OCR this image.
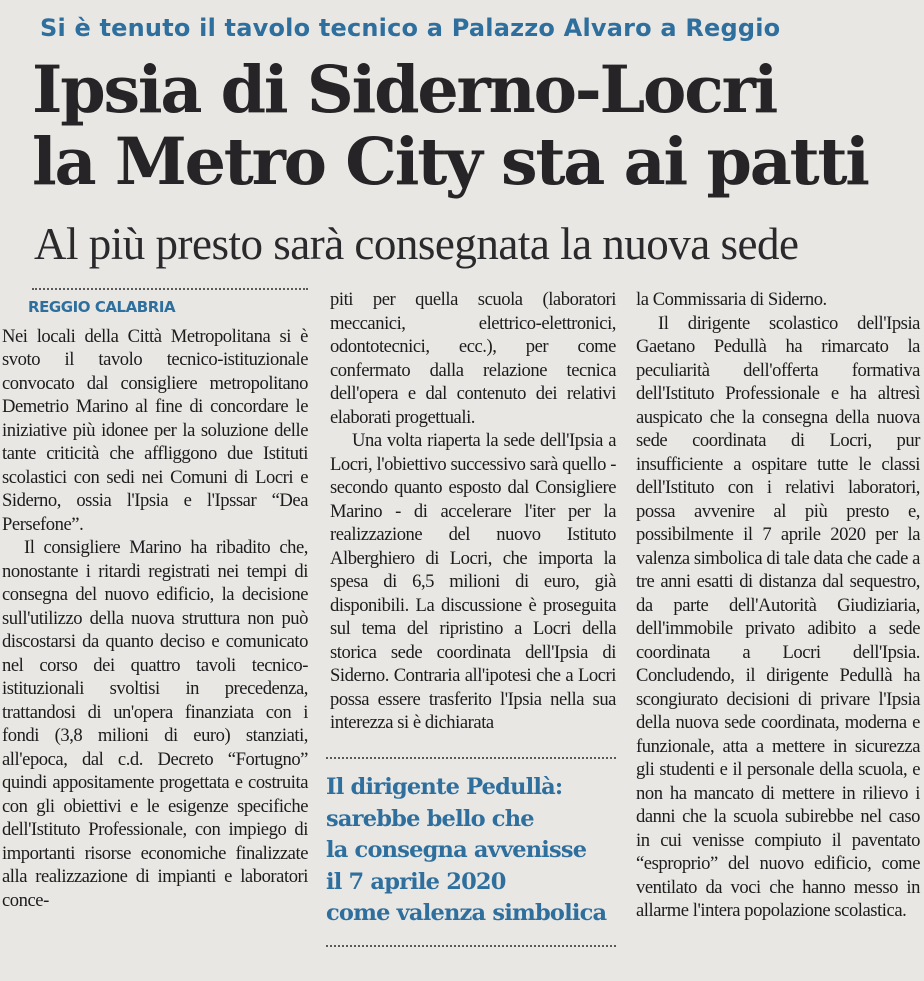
Si è tenuto il tavolo tecnico a Palazzo Alvaro a Reggio
Ipsia di Siderno-Locri
la Metro City sta ai patti
Al più presto sarà consegnata la nuova sede
REGGIO CALABRIA

Nei locali della Città Metropolitana si è svoto il tavolo tecnico-istituzionale convocato dal consigliere metropolitano Demetrio Marino al fine di concordare le iniziative più idonee per la soluzione delle tante criticità che affliggono due Istituti scolastici con sedi nei Comuni di Locri e Siderno, ossia l'Ipsia e l'Ipssar “Dea Persefone”.

Il consigliere Marino ha ribadito che, nonostante i ritardi registrati nei tempi di consegna del nuovo edificio, la decisione sull'utilizzo della nuova struttura non può discostarsi da quanto deciso e comunicato nel corso dei quattro tavoli tecnico-istituzionali svoltisi in precedenza, trattandosi di un'opera finanziata con i fondi (3,8 milioni di euro) stanziati, all'epoca, dal c.d. Decreto “Fortugno” quindi appositamente progettata e costruita con gli obiettivi e le esigenze specifiche dell'Istituto Professionale, con impiego di importanti risorse economiche finalizzate alla realizzazione di impianti e laboratori conce-

piti per quella scuola (laboratori meccanici, elettrico-elettronici, odontotecnici, ecc.), per come confermato dalla relazione tecnica dell'opera e dal contenuto dei relativi elaborati progettuali.

Una volta riaperta la sede dell'Ipsia a Locri, l'obiettivo successivo sarà quello - secondo quanto esposto dal Consigliere Marino - di accelerare l'iter per la realizzazione del nuovo Istituto Alberghiero di Locri, che importa la spesa di 6,5 milioni di euro, già disponibili. La discussione è proseguita sul tema del ripristino a Locri della storica sede coordinata dell'Ipsia di Siderno. Contraria all'ipotesi che a Locri possa essere trasferito l'Ipsia nella sua interezza si è dichiarata

Il dirigente Pedullà:
sarebbe bello che
la consegna avvenisse
il 7 aprile 2020
come valenza simbolica

la Commissaria di Siderno.

Il dirigente scolastico dell'Ipsia Gaetano Pedullà ha rimarcato la peculiarità dell'offerta formativa dell'Istituto Professionale e ha altresì auspicato che la consegna della nuova sede coordinata di Locri, pur insufficiente a ospitare tutte le classi dell'Istituto con i relativi laboratori, possa avvenire al più presto e, possibilmente il 7 aprile 2020 per la valenza simbolica di tale data che cade a tre anni esatti di distanza dal sequestro, da parte dell'Autorità Giudiziaria, dell'immobile privato adibito a sede coordinata a Locri dell'Ipsia. Concludendo, il dirigente Pedullà ha scongiurato decisioni di privare l'Ipsia della nuova sede coordinata, moderna e funzionale, atta a mettere in sicurezza gli studenti e il personale della scuola, e non ha mancato di mettere in rilievo i danni che la scuola subirebbe nel caso in cui venisse compiuto il paventato “esproprio” del nuovo edificio, come ventilato da voci che hanno messo in allarme l'intera popolazione scolastica.
